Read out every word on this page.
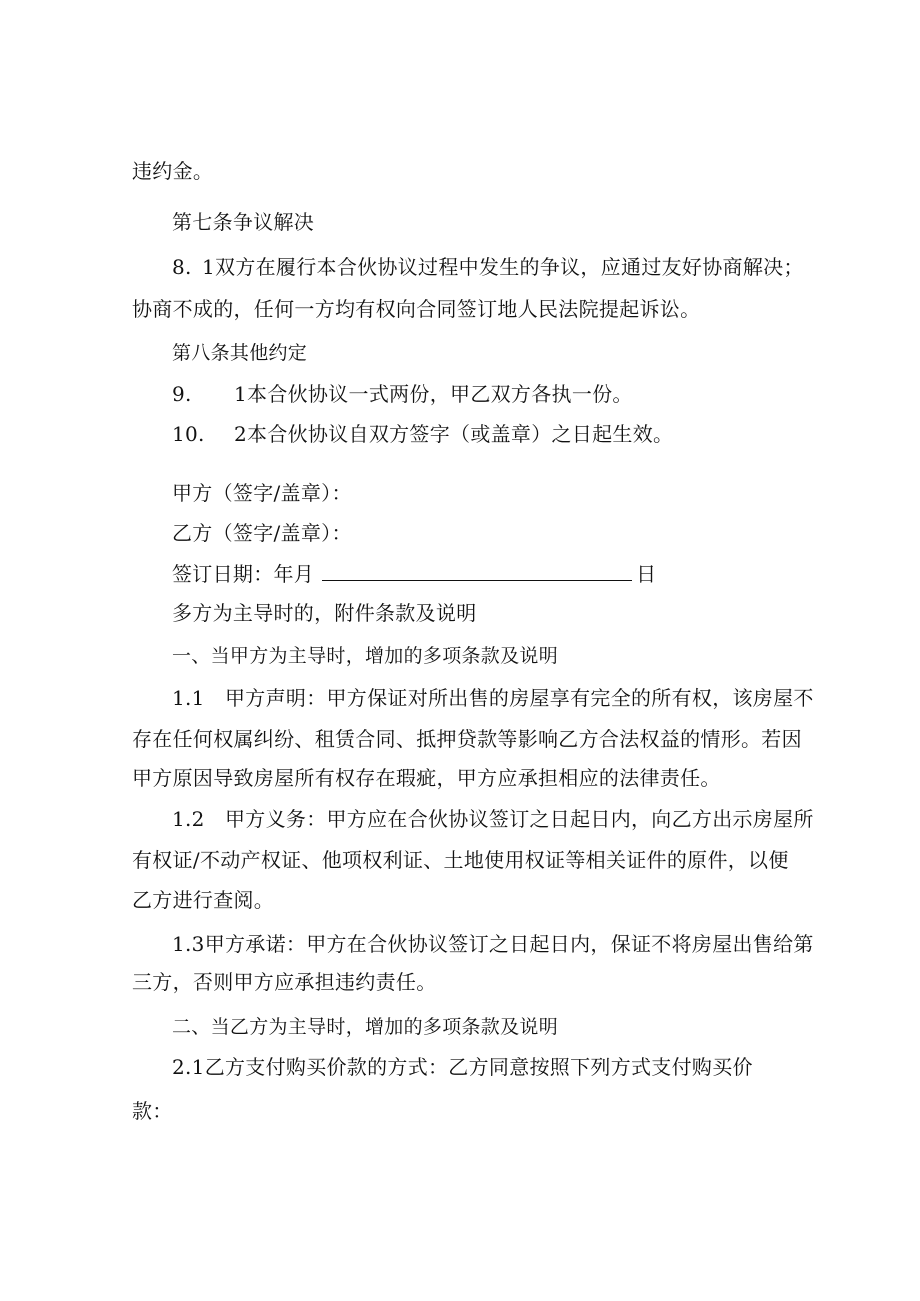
违约金。
第七条争议解决
8. 1双方在履行本合伙协议过程中发生的争议，应通过友好协商解决；
协商不成的，任何一方均有权向合同签订地人民法院提起诉讼。
第八条其他约定
9. 1本合伙协议一式两份，甲乙双方各执一份。
10. 2本合伙协议自双方签字（或盖章）之日起生效。
甲方（签字/盖章）：
乙方（签字/盖章）：
签订日期：年月	日
多方为主导时的，附件条款及说明
一、当甲方为主导时，增加的多项条款及说明
1.1　甲方声明：甲方保证对所出售的房屋享有完全的所有权，该房屋不
存在任何权属纠纷、租赁合同、抵押贷款等影响乙方合法权益的情形。若因
甲方原因导致房屋所有权存在瑕疵，甲方应承担相应的法律责任。
1.2　甲方义务：甲方应在合伙协议签订之日起日内，向乙方出示房屋所
有权证/不动产权证、他项权利证、土地使用权证等相关证件的原件，以便
乙方进行查阅。
1.3甲方承诺：甲方在合伙协议签订之日起日内，保证不将房屋出售给第
三方，否则甲方应承担违约责任。
二、当乙方为主导时，增加的多项条款及说明
2.1乙方支付购买价款的方式：乙方同意按照下列方式支付购买价
款：
